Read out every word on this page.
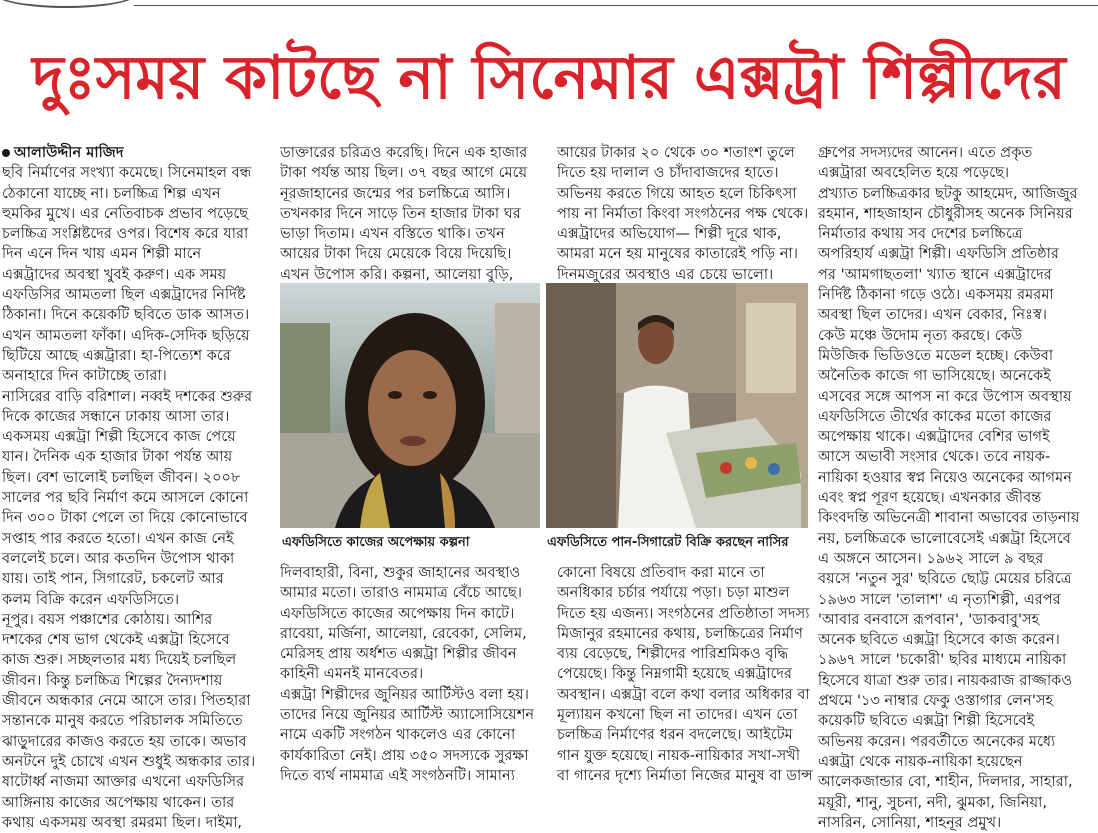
দুঃসময় কাটছে না সিনেমার এক্সট্রা শিল্পীদের
আলাউদ্দীন মাজিদ
ছবি নির্মাণের সংখ্যা কমেছে। সিনেমাহল বন্ধ
ঠেকানো যাচ্ছে না। চলচ্চিত্র শিল্প এখন
হুমকির মুখে। এর নেতিবাচক প্রভাব পড়েছে
চলচ্চিত্র সংশ্লিষ্টদের ওপর। বিশেষ করে যারা
দিন এনে দিন খায় এমন শিল্পী মানে
এক্সট্রাদের অবস্থা খুবই করুণ। এক সময়
এফডিসির আমতলা ছিল এক্সট্রাদের নির্দিষ্ট
ঠিকানা। দিনে কয়েকটি ছবিতে ডাক আসত।
এখন আমতলা ফাঁকা। এদিক-সেদিক ছড়িয়ে
ছিটিয়ে আছে এক্সট্রারা। হা-পিত্যেশ করে
অনাহারে দিন কাটাচ্ছে তারা।
নাসিরের বাড়ি বরিশাল। নব্বই দশকের শুরুর
দিকে কাজের সন্ধানে ঢাকায় আসা তার।
একসময় এক্সট্রা শিল্পী হিসেবে কাজ পেয়ে
যান। দৈনিক এক হাজার টাকা পর্যন্ত আয়
ছিল। বেশ ভালোই চলছিল জীবন। ২০০৮
সালের পর ছবি নির্মাণ কমে আসলে কোনো
দিন ৩০০ টাকা পেলে তা দিয়ে কোনোভাবে
সপ্তাহ পার করতে হতো। এখন কাজ নেই
বললেই চলে। আর কতদিন উপোস থাকা
যায়। তাই পান, সিগারেট, চকলেট আর
কলম বিক্রি করেন এফডিসিতে।
নূপুর। বয়স পঞ্চাশের কোঠায়। আশির
দশকের শেষ ভাগ থেকেই এক্সট্রা হিসেবে
কাজ শুরু। সচ্ছলতার মধ্য দিয়েই চলছিল
জীবন। কিন্তু চলচ্চিত্র শিল্পের দৈন্যদশায়
জীবনে অন্ধকার নেমে আসে তার। পিতহারা
সন্তানকে মানুষ করতে পরিচালক সমিতিতে
ঝাড়ুদারের কাজও করতে হয় তাকে। অভাব
অনটনে দুই চোখে এখন শুধুই অন্ধকার তার।
ষাটোর্ধ্ব নাজমা আক্তার এখনো এফডিসির
আঙ্গিনায় কাজের অপেক্ষায় থাকেন। তার
কথায় একসময় অবস্থা রমরমা ছিল। দাইমা,
ডাক্তারের চরিত্রও করেছি। দিনে এক হাজার
টাকা পর্যন্ত আয় ছিল। ৩৭ বছর আগে মেয়ে
নূরজাহানের জন্মের পর চলচ্চিত্রে আসি।
তখনকার দিনে সাড়ে তিন হাজার টাকা ঘর
ভাড়া দিতাম। এখন বস্তিতে থাকি। তখন
আয়ের টাকা দিয়ে মেয়েকে বিয়ে দিয়েছি।
এখন উপোস করি। কল্পনা, আলেয়া বুড়ি,
আয়ের টাকার ২০ থেকে ৩০ শতাংশ তুলে
দিতে হয় দালাল ও চাঁদাবাজদের হাতে।
অভিনয় করতে গিয়ে আহত হলে চিকিৎসা
পায় না নির্মাতা কিংবা সংগঠনের পক্ষ থেকে।
এক্সট্রাদের অভিযোগ— শিল্পী দূরে থাক,
আমরা মনে হয় মানুষের কাতারেই পড়ি না।
দিনমজুরের অবস্থাও এর চেয়ে ভালো।
এফডিসিতে কাজের অপেক্ষায় কল্পনা	এফডিসিতে পান-সিগারেট বিক্রি করছেন নাসির
দিলবাহারী, বিনা, শুকুর জাহানের অবস্থাও
আমার মতো। তারাও নামমাত্র বেঁচে আছে।
এফডিসিতে কাজের অপেক্ষায় দিন কাটে।
রাবেয়া, মর্জিনা, আলেয়া, রেবেকা, সেলিম,
মেরিসহ প্রায় অর্ধশত এক্সট্রা শিল্পীর জীবন
কাহিনী এমনই মানবেতর।
এক্সট্রা শিল্পীদের জুনিয়র আর্টিস্টও বলা হয়।
তাদের নিয়ে জুনিয়র আর্টিস্ট অ্যাসোসিয়েশন
নামে একটি সংগঠন থাকলেও এর কোনো
কার্যকারিতা নেই। প্রায় ৩৫০ সদস্যকে সুরক্ষা
দিতে ব্যর্থ নামমাত্র এই সংগঠনটি। সামান্য
কোনো বিষয়ে প্রতিবাদ করা মানে তা
অনধিকার চর্চার পর্যায়ে পড়া। চড়া মাশুল
দিতে হয় এজন্য। সংগঠনের প্রতিষ্ঠাতা সদস্য
মিজানুর রহমানের কথায়, চলচ্চিত্রের নির্মাণ
ব্যয় বেড়েছে, শিল্পীদের পারিশ্রমিকও বৃদ্ধি
পেয়েছে। কিন্তু নিম্নগামী হয়েছে এক্সট্রাদের
অবস্থান। এক্সট্রা বলে কথা বলার অধিকার বা
মূল্যায়ন কখনো ছিল না তাদের। এখন তো
চলচ্চিত্র নির্মাণের ধরন বদলেছে। আইটেম
গান যুক্ত হয়েছে। নায়ক-নায়িকার সখা-সখী
বা গানের দৃশ্যে নির্মাতা নিজের মানুষ বা ডান্স
গ্রুপের সদস্যদের আনেন। এতে প্রকৃত
এক্সট্রারা অবহেলিত হয়ে পড়েছে।
প্রখ্যাত চলচ্চিত্রকার ছটকু আহমেদ, আজিজুর
রহমান, শাহজাহান চৌধুরীসহ অনেক সিনিয়র
নির্মাতার কথায় সব দেশের চলচ্চিত্রে
অপরিহার্য এক্সট্রা শিল্পী। এফডিসি প্রতিষ্ঠার
পর 'আমগাছতলা' খ্যাত স্থানে এক্সট্রাদের
নির্দিষ্ট ঠিকানা গড়ে ওঠে। একসময় রমরমা
অবস্থা ছিল তাদের। এখন বেকার, নিঃস্ব।
কেউ মঞ্চে উদোম নৃত্য করছে। কেউ
মিউজিক ভিডিওতে মডেল হচ্ছে। কেউবা
অনৈতিক কাজে গা ভাসিয়েছে। অনেকেই
এসবের সঙ্গে আপস না করে উপোস অবস্থায়
এফডিসিতে তীর্থের কাকের মতো কাজের
অপেক্ষায় থাকে। এক্সট্রাদের বেশির ভাগই
আসে অভাবী সংসার থেকে। তবে নায়ক-
নায়িকা হওয়ার স্বপ্ন নিয়েও অনেকের আগমন
এবং স্বপ্ন পূরণ হয়েছে। এখনকার জীবন্ত
কিংবদন্তি অভিনেত্রী শাবানা অভাবের তাড়নায়
নয়, চলচ্চিত্রকে ভালোবেসেই এক্সট্রা হিসেবে
এ অঙ্গনে আসেন। ১৯৬২ সালে ৯ বছর
বয়সে 'নতুন সুর' ছবিতে ছোট্ট মেয়ের চরিত্রে
১৯৬৩ সালে 'তালাশ' এ নৃত্যশিল্পী, এরপর
'আবার বনবাসে রূপবান', 'ডাকবাবু'সহ
অনেক ছবিতে এক্সট্রা হিসেবে কাজ করেন।
১৯৬৭ সালে 'চকোরী' ছবির মাধ্যমে নায়িকা
হিসেবে যাত্রা শুরু তার। নায়করাজ রাজ্জাকও
প্রথমে '১৩ নাম্বার ফেকু ওস্তাগার লেন'সহ
কয়েকটি ছবিতে এক্সট্রা শিল্পী হিসেবেই
অভিনয় করেন। পরবর্তীতে অনেকের মধ্যে
এক্সট্রা থেকে নায়ক-নায়িকা হয়েছেন
আলেকজান্ডার বো, শাহীন, দিলদার, সাহারা,
ময়ূরী, শানু, সুচনা, নদী, ঝুমকা, জিনিয়া,
নাসরিন, সোনিয়া, শাহনূর প্রমুখ।
